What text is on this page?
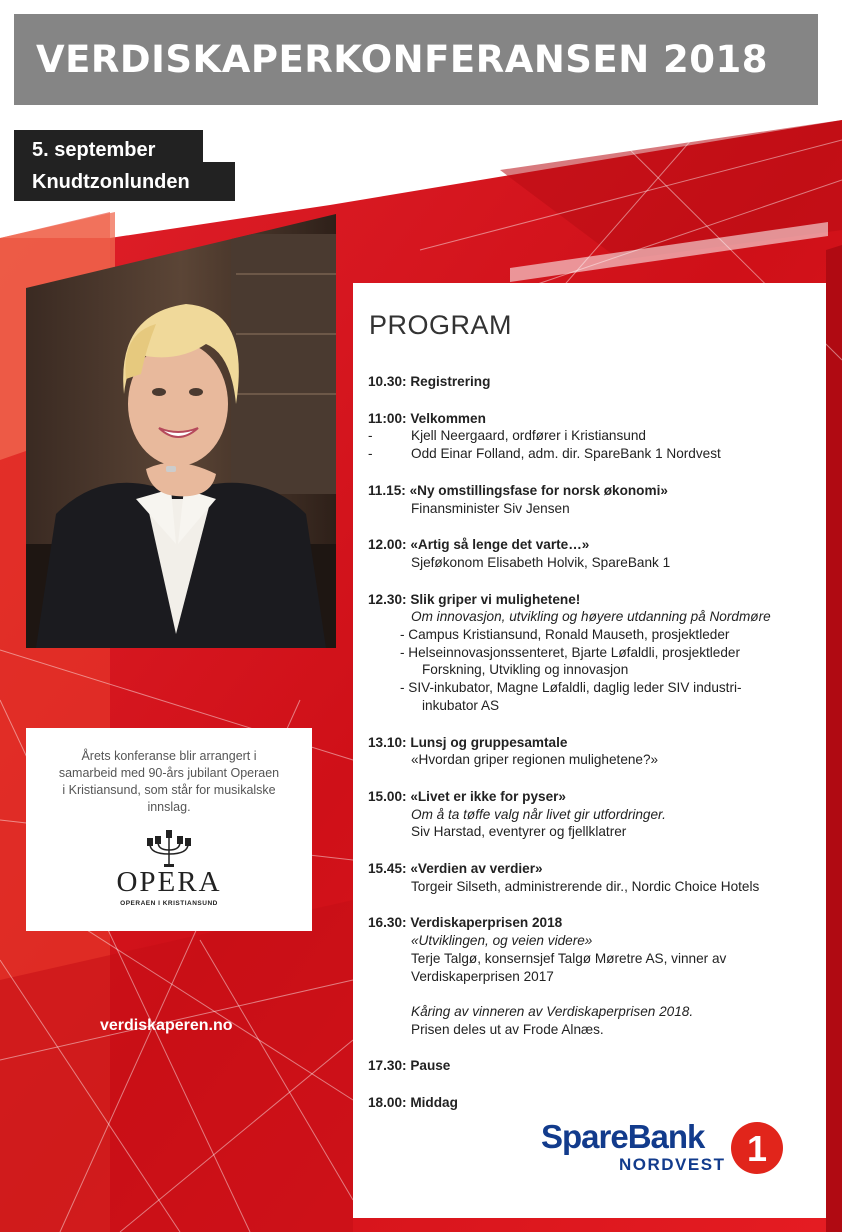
VERDISKAPERKONFERANSEN 2018
5. september
Knudtzonlunden
Årets konferanse blir arrangert i samarbeid med 90-års jubilant Operaen i Kristiansund, som står for musikalske innslag.
OPERA
OPERAEN I KRISTIANSUND
verdiskaperen.no
PROGRAM
10.30: Registrering
11:00: Velkommen
-	Kjell Neergaard, ordfører i Kristiansund
-	Odd Einar Folland, adm. dir. SpareBank 1 Nordvest
11.15: «Ny omstillingsfase for norsk økonomi»
Finansminister Siv Jensen
12.00: «Artig så lenge det varte…»
Sjeføkonom Elisabeth Holvik, SpareBank 1
12.30: Slik griper vi mulighetene!
Om innovasjon, utvikling og høyere utdanning på Nordmøre
- Campus Kristiansund, Ronald Mauseth, prosjektleder
- Helseinnovasjonssenteret, Bjarte Løfaldli, prosjektleder
Forskning, Utvikling og innovasjon
- SIV-inkubator, Magne Løfaldli, daglig leder SIV industri-
inkubator AS
13.10: Lunsj og gruppesamtale
«Hvordan griper regionen mulighetene?»
15.00: «Livet er ikke for pyser»
Om å ta tøffe valg når livet gir utfordringer.
Siv Harstad, eventyrer og fjellklatrer
15.45: «Verdien av verdier»
Torgeir Silseth, administrerende dir., Nordic Choice Hotels
16.30: Verdiskaperprisen 2018
«Utviklingen, og veien videre»
Terje Talgø, konsernsjef Talgø Møretre AS, vinner av
Verdiskaperprisen 2017
Kåring av vinneren av Verdiskaperprisen 2018.
Prisen deles ut av Frode Alnæs.
17.30: Pause
18.00: Middag
SpareBank
NORDVEST 1
